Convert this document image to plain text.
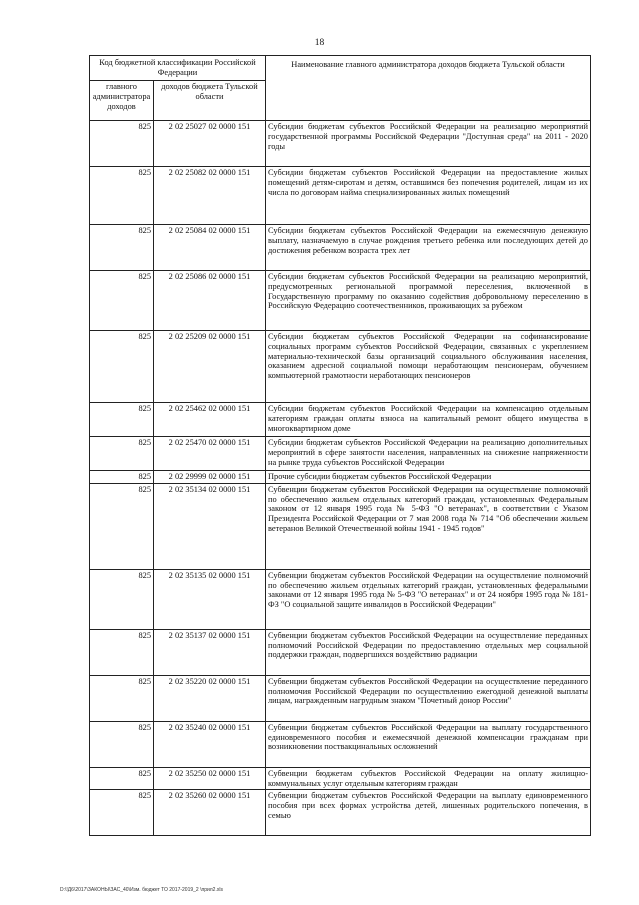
18
Код бюджетной классификации Российской Федерации		Наименование главного администратора доходов бюджета Тульской области
главного администратора доходов	доходов бюджета Тульской области	
825	2 02 25027 02 0000 151	Субсидии бюджетам субъектов Российской Федерации на реализацию мероприятий государственной программы Российской Федерации "Доступная среда" на 2011 - 2020 годы
825	2 02 25082 02 0000 151	Субсидии бюджетам субъектов Российской Федерации на предоставление жилых помещений детям-сиротам и детям, оставшимся без попечения родителей, лицам из их числа по договорам найма специализированных жилых помещений
825	2 02 25084 02 0000 151	Субсидии бюджетам субъектов Российской Федерации на ежемесячную денежную выплату, назначаемую в случае рождения третьего ребенка или последующих детей до достижения ребенком возраста трех лет
825	2 02 25086 02 0000 151	Субсидии бюджетам субъектов Российской Федерации на реализацию мероприятий, предусмотренных региональной программой переселения, включенной в Государственную программу по оказанию содействия добровольному переселению в Российскую Федерацию соотечественников, проживающих за рубежом
825	2 02 25209 02 0000 151	Субсидии бюджетам субъектов Российской Федерации на софинансирование социальных программ субъектов Российской Федерации, связанных с укреплением материально-технической базы организаций социального обслуживания населения, оказанием адресной социальной помощи неработающим пенсионерам, обучением компьютерной грамотности неработающих пенсионеров
825	2 02 25462 02 0000 151	Субсидии бюджетам субъектов Российской Федерации на компенсацию отдельным категориям граждан оплаты взноса на капитальный ремонт общего имущества в многоквартирном доме
825	2 02 25470 02 0000 151	Субсидии бюджетам субъектов Российской Федерации на реализацию дополнительных мероприятий в сфере занятости населения, направленных на снижение напряженности на рынке труда субъектов Российской Федерации
825	2 02 29999 02 0000 151	Прочие субсидии бюджетам субъектов Российской Федерации
825	2 02 35134 02 0000 151	Субвенции бюджетам субъектов Российской Федерации на осуществление полномочий по обеспечению жильем отдельных категорий граждан, установленных Федеральным законом от 12 января 1995 года № 5-ФЗ "О ветеранах", в соответствии с Указом Президента Российской Федерации от 7 мая 2008 года № 714 "Об обеспечении жильем ветеранов Великой Отечественной войны 1941 - 1945 годов"
825	2 02 35135 02 0000 151	Субвенции бюджетам субъектов Российской Федерации на осуществление полномочий по обеспечению жильем отдельных категорий граждан, установленных федеральными законами от 12 января 1995 года № 5-ФЗ "О ветеранах" и от 24 ноября 1995 года № 181-ФЗ "О социальной защите инвалидов в Российской Федерации"
825	2 02 35137 02 0000 151	Субвенции бюджетам субъектов Российской Федерации на осуществление переданных полномочий Российской Федерации по предоставлению отдельных мер социальной поддержки граждан, подвергшихся воздействию радиации
825	2 02 35220 02 0000 151	Субвенции бюджетам субъектов Российской Федерации на осуществление переданного полномочия Российской Федерации по осуществлению ежегодной денежной выплаты лицам, награжденным нагрудным знаком "Почетный донор России"
825	2 02 35240 02 0000 151	Субвенции бюджетам субъектов Российской Федерации на выплату государственного единовременного пособия и ежемесячной денежной компенсации гражданам при возникновении поствакцинальных осложнений
825	2 02 35250 02 0000 151	Субвенции бюджетам субъектов Российской Федерации на оплату жилищно-коммунальных услуг отдельным категориям граждан
825	2 02 35260 02 0000 151	Субвенции бюджетам субъектов Российской Федерации на выплату единовременного пособия при всех формах устройства детей, лишенных родительского попечения, в семью
D:\!Д6\2017\ЗАКОНЫ\ЗАС_40\Изм. бюджет ТО 2017-2019_2 \прил2.xls
